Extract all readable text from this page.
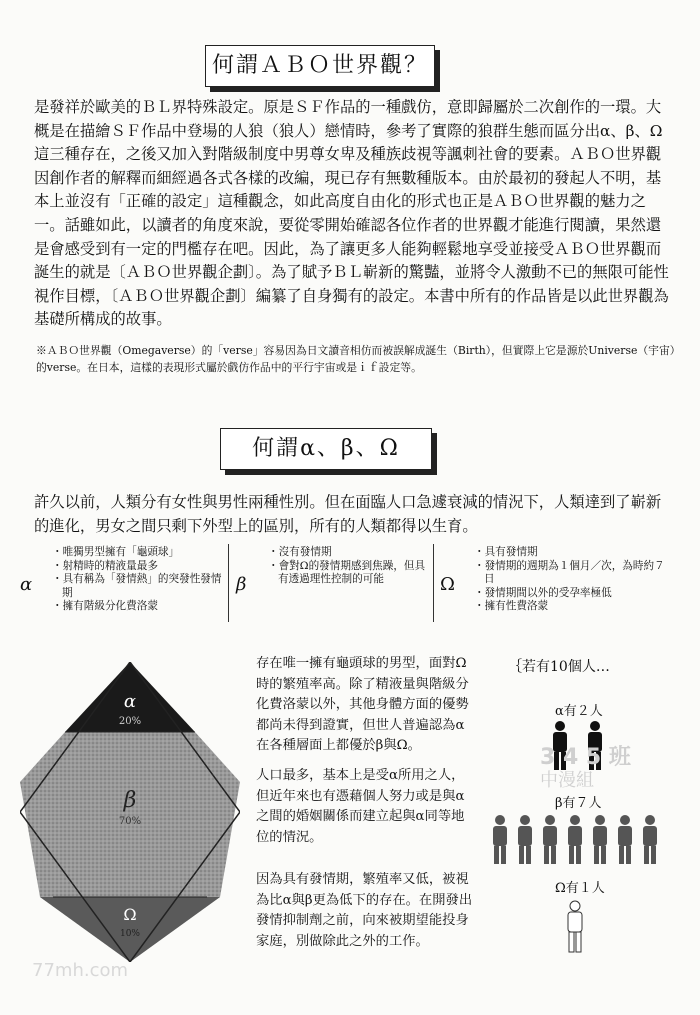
何謂ＡＢＯ世界觀？
是發祥於歐美的ＢＬ界特殊設定。原是ＳＦ作品的一種戲仿，意即歸屬於二次創作的一環。大概是在描繪ＳＦ作品中登場的人狼（狼人）戀情時，參考了實際的狼群生態而區分出α、β、Ω這三種存在，之後又加入對階級制度中男尊女卑及種族歧視等諷刺社會的要素。ＡＢＯ世界觀因創作者的解釋而細經過各式各樣的改編，現已存有無數種版本。由於最初的發起人不明，基本上並沒有「正確的設定」這種觀念，如此高度自由化的形式也正是ＡＢＯ世界觀的魅力之一。話雖如此，以讀者的角度來說，要從零開始確認各位作者的世界觀才能進行閱讀，果然還是會感受到有一定的門檻存在吧。因此，為了讓更多人能夠輕鬆地享受並接受ＡＢＯ世界觀而誕生的就是〔ＡＢＯ世界觀企劃〕。為了賦予ＢＬ嶄新的驚豔，並將令人激動不已的無限可能性視作目標，〔ＡＢＯ世界觀企劃〕編纂了自身獨有的設定。本書中所有的作品皆是以此世界觀為基礎所構成的故事。
※ＡＢＯ世界觀（Omegaverse）的「verse」容易因為日文讀音相仿而被誤解成誕生（Birth），但實際上它是源於Universe（宇宙）的verse。在日本，這樣的表現形式屬於戲仿作品中的平行宇宙或是ｉｆ設定等。
何謂α、β、Ω
許久以前，人類分有女性與男性兩種性別。但在面臨人口急遽衰減的情況下，人類達到了嶄新的進化，男女之間只剩下外型上的區別，所有的人類都得以生育。
α
・ 唯獨男型擁有「龜頭球」
・ 射精時的精液量最多
・ 具有稱為「發情熱」的突發性發情期
・ 擁有階級分化費洛蒙
β
・ 沒有發情期
・ 會對Ω的發情期感到焦躁，但具有透過理性控制的可能	Ω
・ 具有發情期
・ 發情期的週期為１個月／次，為時約７日
・ 發情期間以外的受孕率極低
・ 擁有性費洛蒙
α
20%
β
70%
Ω
10%
存在唯一擁有龜頭球的男型，面對Ω時的繁殖率高。除了精液量與階級分化費洛蒙以外，其他身體方面的優勢都尚未得到證實，但世人普遍認為α在各種層面上都優於β與Ω。
人口最多，基本上是受α所用之人，但近年來也有憑藉個人努力或是與α之間的婚姻關係而建立起與α同等地位的情況。
因為具有發情期，繁殖率又低，被視為比α與β更為低下的存在。在開發出發情抑制劑之前，向來被期望能投身家庭，別做除此之外的工作。
｛若有10個人…
α有２人
β有７人
Ω有１人
3 4 5 班
中漫組
77mh.com
